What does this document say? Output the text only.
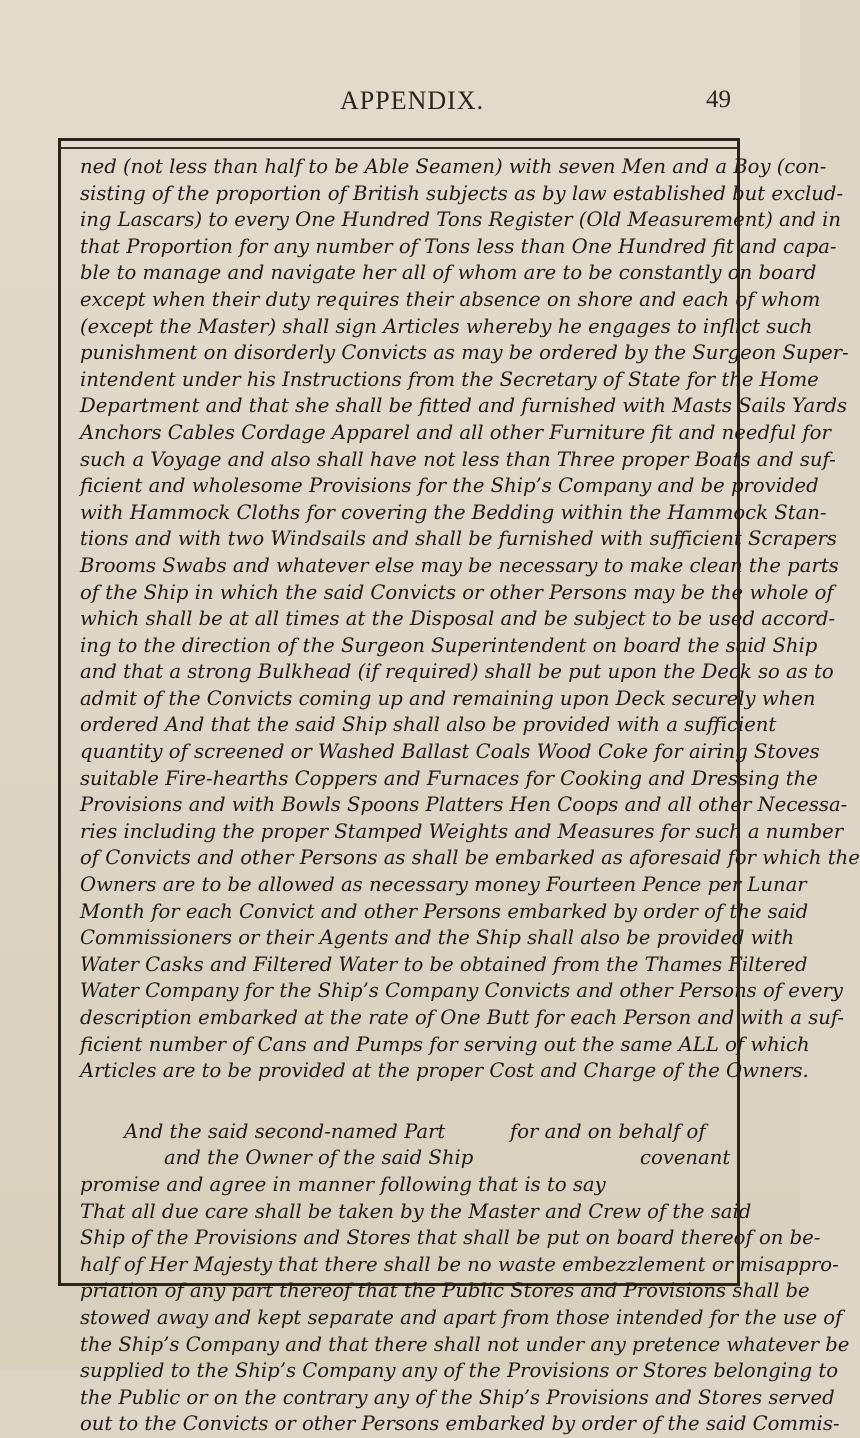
APPENDIX.	49
ned (not less than half to be Able Seamen) with seven Men and a Boy (con-
sisting of the proportion of British subjects as by law established but exclud-
ing Lascars) to every One Hundred Tons Register (Old Measurement) and in
that Proportion for any number of Tons less than One Hundred fit and capa-
ble to manage and navigate her all of whom are to be constantly on board
except when their duty requires their absence on shore and each of whom
(except the Master) shall sign Articles whereby he engages to inflict such
punishment on disorderly Convicts as may be ordered by the Surgeon Super-
intendent under his Instructions from the Secretary of State for the Home
Department and that she shall be fitted and furnished with Masts Sails Yards
Anchors Cables Cordage Apparel and all other Furniture fit and needful for
such a Voyage and also shall have not less than Three proper Boats and suf-
ficient and wholesome Provisions for the Ship’s Company and be provided
with Hammock Cloths for covering the Bedding within the Hammock Stan-
tions and with two Windsails and shall be furnished with sufficient Scrapers
Brooms Swabs and whatever else may be necessary to make clean the parts
of the Ship in which the said Convicts or other Persons may be the whole of
which shall be at all times at the Disposal and be subject to be used accord-
ing to the direction of the Surgeon Superintendent on board the said Ship
and that a strong Bulkhead (if required) shall be put upon the Deck so as to
admit of the Convicts coming up and remaining upon Deck securely when
ordered And that the said Ship shall also be provided with a sufficient
quantity of screened or Washed Ballast Coals Wood Coke for airing Stoves
suitable Fire-hearths Coppers and Furnaces for Cooking and Dressing the
Provisions and with Bowls Spoons Platters Hen Coops and all other Necessa-
ries including the proper Stamped Weights and Measures for such a number
of Convicts and other Persons as shall be embarked as aforesaid for which the
Owners are to be allowed as necessary money Fourteen Pence per Lunar
Month for each Convict and other Persons embarked by order of the said
Commissioners or their Agents and the Ship shall also be provided with
Water Casks and Filtered Water to be obtained from the Thames Filtered
Water Company for the Ship’s Company Convicts and other Persons of every
description embarked at the rate of One Butt for each Person and with a suf-
ficient number of Cans and Pumps for serving out the same ALL of which
Articles are to be provided at the proper Cost and Charge of the Owners.
And the said second-named Part	for and on behalf of
and the Owner of the said Ship	covenant
promise and agree in manner following that is to say
That all due care shall be taken by the Master and Crew of the said
Ship of the Provisions and Stores that shall be put on board thereof on be-
half of Her Majesty that there shall be no waste embezzlement or misappro-
priation of any part thereof that the Public Stores and Provisions shall be
stowed away and kept separate and apart from those intended for the use of
the Ship’s Company and that there shall not under any pretence whatever be
supplied to the Ship’s Company any of the Provisions or Stores belonging to
the Public or on the contrary any of the Ship’s Provisions and Stores served
out to the Convicts or other Persons embarked by order of the said Commis-
